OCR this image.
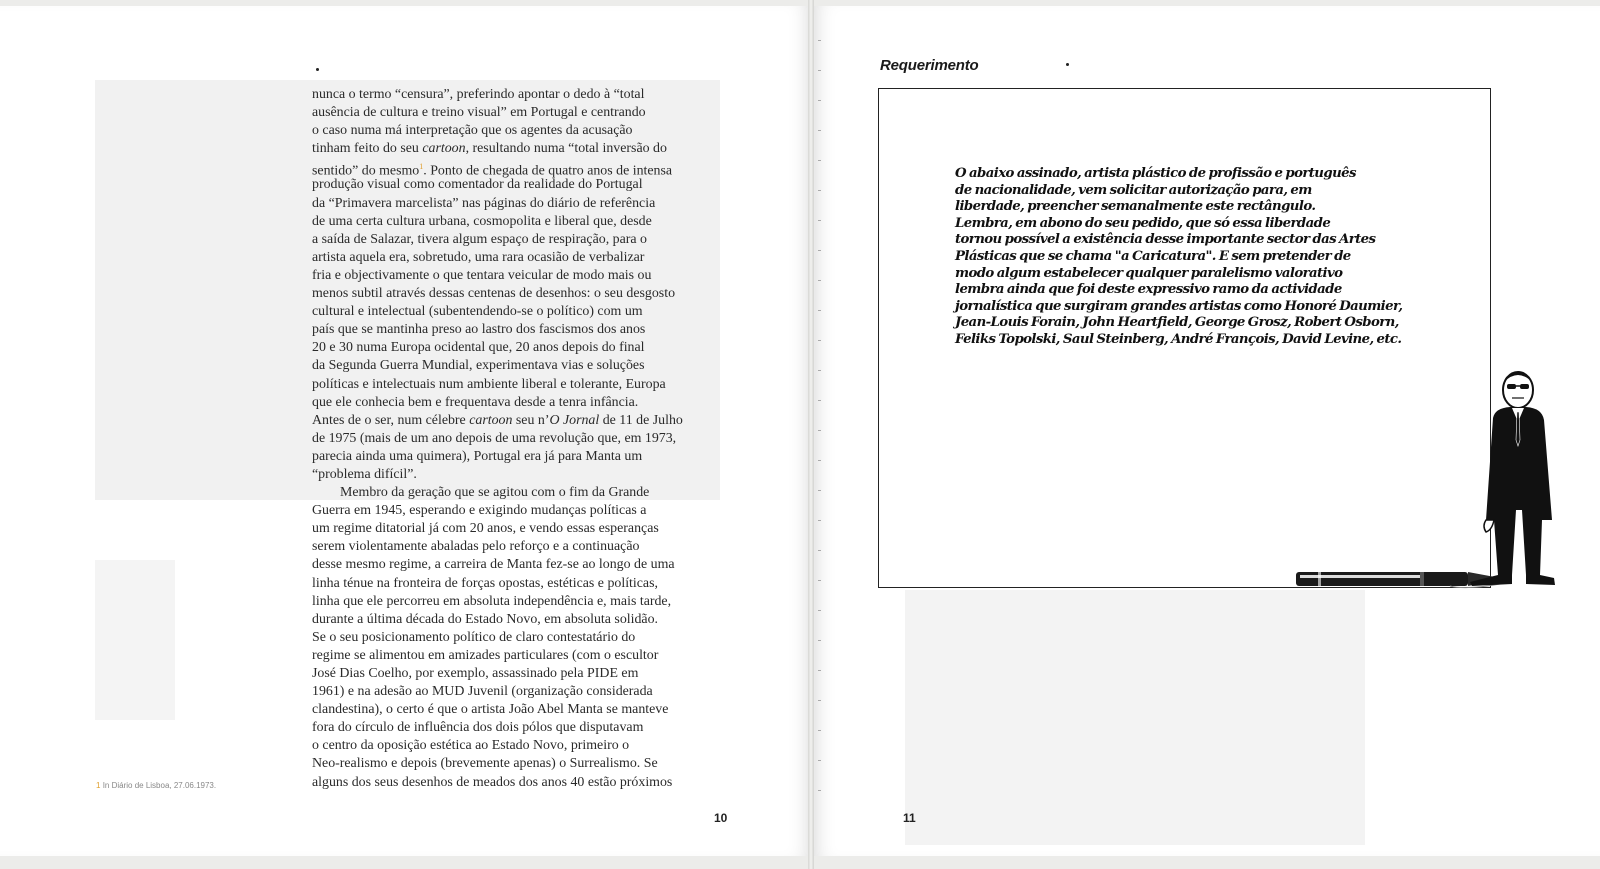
nunca o termo “censura”, preferindo apontar o dedo à “total
ausência de cultura e treino visual” em Portugal e centrando
o caso numa má interpretação que os agentes da acusação
tinham feito do seu cartoon, resultando numa “total inversão do
sentido” do mesmo$^1$. Ponto de chegada de quatro anos de intensa
produção visual como comentador da realidade do Portugal
da “Primavera marcelista” nas páginas do diário de referência
de uma certa cultura urbana, cosmopolita e liberal que, desde
a saída de Salazar, tivera algum espaço de respiração, para o
artista aquela era, sobretudo, uma rara ocasião de verbalizar
fria e objectivamente o que tentara veicular de modo mais ou
menos subtil através dessas centenas de desenhos: o seu desgosto
cultural e intelectual (subentendendo-se o político) com um
país que se mantinha preso ao lastro dos fascismos dos anos
20 e 30 numa Europa ocidental que, 20 anos depois do final
da Segunda Guerra Mundial, experimentava vias e soluções
políticas e intelectuais num ambiente liberal e tolerante, Europa
que ele conhecia bem e frequentava desde a tenra infância.
Antes de o ser, num célebre cartoon seu n’O Jornal de 11 de Julho
de 1975 (mais de um ano depois de uma revolução que, em 1973,
parecia ainda uma quimera), Portugal era já para Manta um
“problema difícil”.
Membro da geração que se agitou com o fim da Grande
Guerra em 1945, esperando e exigindo mudanças políticas a
um regime ditatorial já com 20 anos, e vendo essas esperanças
serem violentamente abaladas pelo reforço e a continuação
desse mesmo regime, a carreira de Manta fez-se ao longo de uma
linha ténue na fronteira de forças opostas, estéticas e políticas,
linha que ele percorreu em absoluta independência e, mais tarde,
durante a última década do Estado Novo, em absoluta solidão.
Se o seu posicionamento político de claro contestatário do
regime se alimentou em amizades particulares (com o escultor
José Dias Coelho, por exemplo, assassinado pela PIDE em
1961) e na adesão ao MUD Juvenil (organização considerada
clandestina), o certo é que o artista João Abel Manta se manteve
fora do círculo de influência dos dois pólos que disputavam
o centro da oposição estética ao Estado Novo, primeiro o
Neo-realismo e depois (brevemente apenas) o Surrealismo. Se
alguns dos seus desenhos de meados dos anos 40 estão próximos
1 In Diário de Lisboa, 27.06.1973.
10
Requerimento
O abaixo assinado, artista plástico de profissão e português
de nacionalidade, vem solicitar autorização para, em
liberdade, preencher semanalmente este rectângulo.
Lembra, em abono do seu pedido, que só essa liberdade
tornou possível a existência desse importante sector das Artes
Plásticas que se chama "a Caricatura". E sem pretender de
modo algum estabelecer qualquer paralelismo valorativo
lembra ainda que foi deste expressivo ramo da actividade
jornalística que surgiram grandes artistas como Honoré Daumier,
Jean-Louis Forain, John Heartfield, George Grosz, Robert Osborn,
Feliks Topolski, Saul Steinberg, André François, David Levine, etc.
11
